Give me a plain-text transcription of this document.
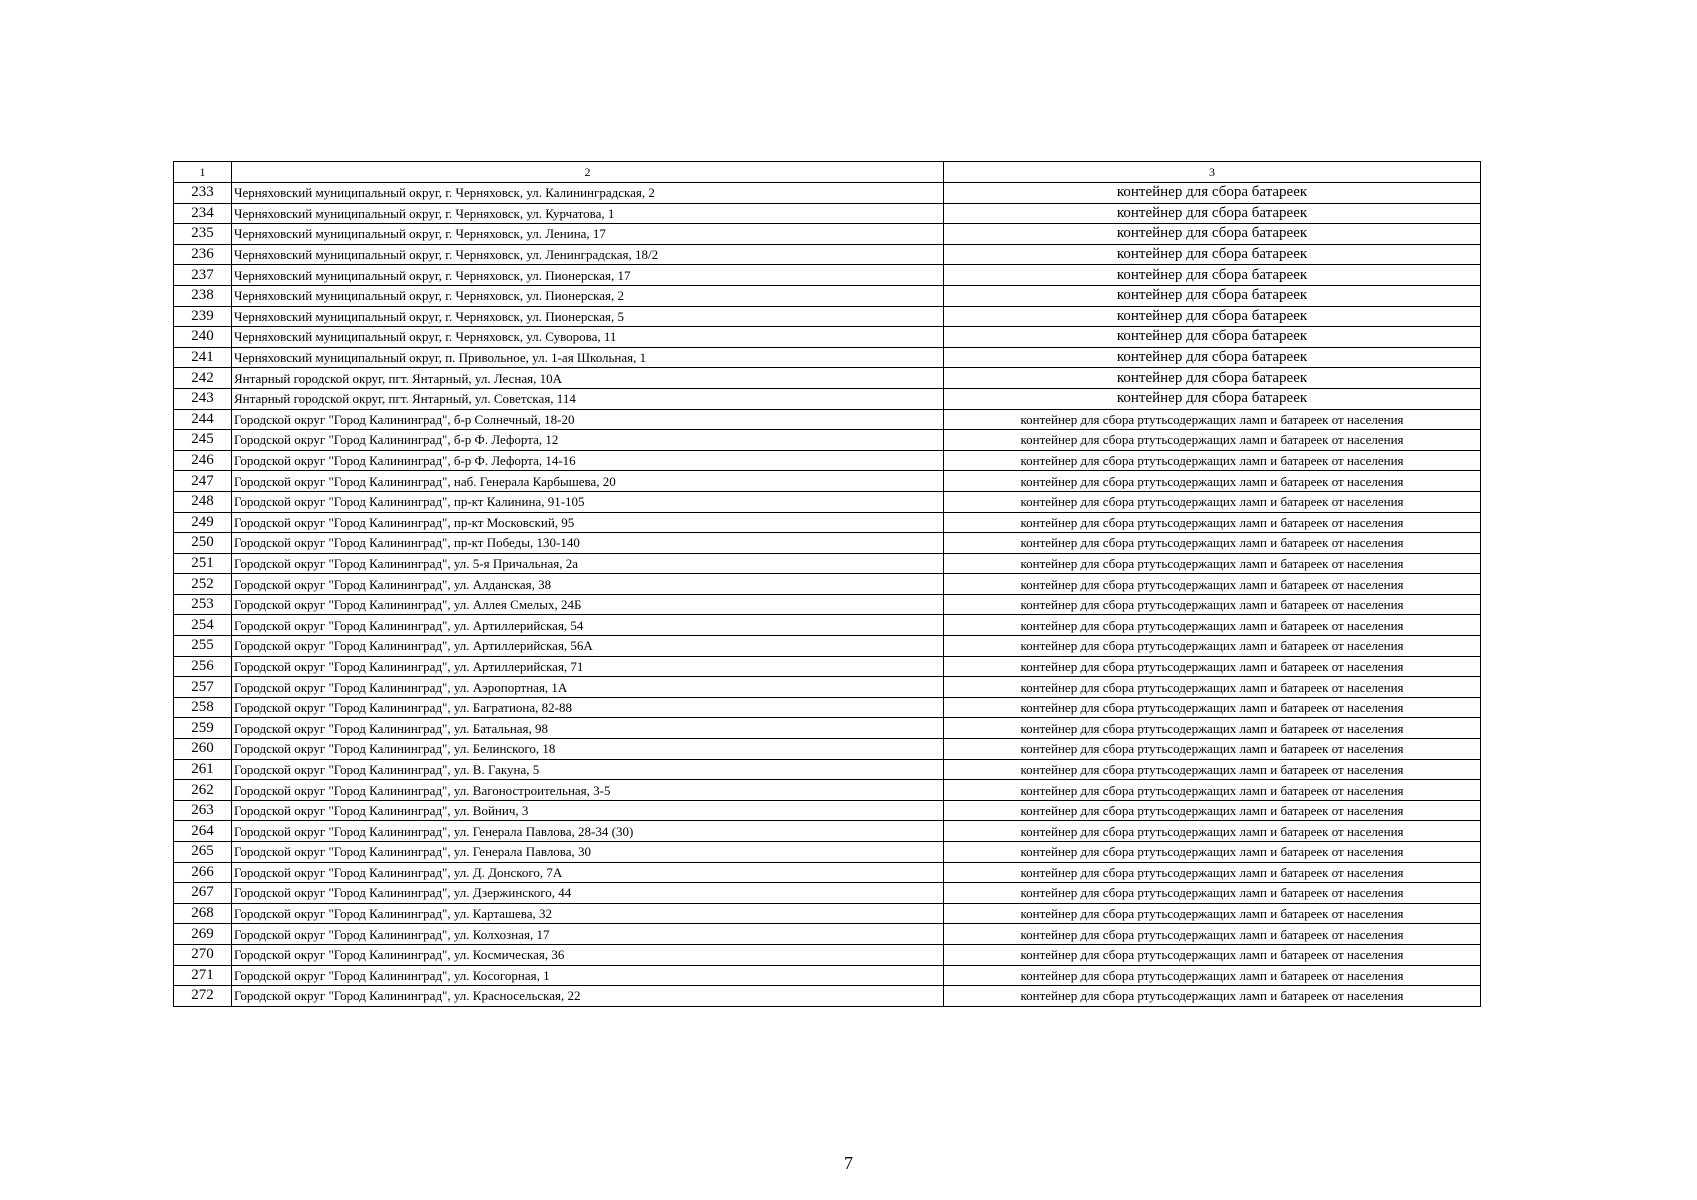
1	2	3
233	Черняховский муниципальный округ, г. Черняховск, ул. Калининградская, 2	контейнер для сбора батареек
234	Черняховский муниципальный округ, г. Черняховск, ул. Курчатова, 1	контейнер для сбора батареек
235	Черняховский муниципальный округ, г. Черняховск, ул. Ленина, 17	контейнер для сбора батареек
236	Черняховский муниципальный округ, г. Черняховск, ул. Ленинградская, 18/2	контейнер для сбора батареек
237	Черняховский муниципальный округ, г. Черняховск, ул. Пионерская, 17	контейнер для сбора батареек
238	Черняховский муниципальный округ, г. Черняховск, ул. Пионерская, 2	контейнер для сбора батареек
239	Черняховский муниципальный округ, г. Черняховск, ул. Пионерская, 5	контейнер для сбора батареек
240	Черняховский муниципальный округ, г. Черняховск, ул. Суворова, 11	контейнер для сбора батареек
241	Черняховский муниципальный округ, п. Привольное, ул. 1-ая Школьная, 1	контейнер для сбора батареек
242	Янтарный городской округ, пгт. Янтарный, ул. Лесная, 10А	контейнер для сбора батареек
243	Янтарный городской округ, пгт. Янтарный, ул. Советская, 114	контейнер для сбора батареек
244	Городской округ "Город Калининград", б-р Солнечный, 18-20	контейнер для сбора ртутьсодержащих ламп и батареек от населения
245	Городской округ "Город Калининград", б-р Ф. Лефорта, 12	контейнер для сбора ртутьсодержащих ламп и батареек от населения
246	Городской округ "Город Калининград", б-р Ф. Лефорта, 14-16	контейнер для сбора ртутьсодержащих ламп и батареек от населения
247	Городской округ "Город Калининград", наб. Генерала Карбышева, 20	контейнер для сбора ртутьсодержащих ламп и батареек от населения
248	Городской округ "Город Калининград", пр-кт Калинина, 91-105	контейнер для сбора ртутьсодержащих ламп и батареек от населения
249	Городской округ "Город Калининград", пр-кт Московский, 95	контейнер для сбора ртутьсодержащих ламп и батареек от населения
250	Городской округ "Город Калининград", пр-кт Победы, 130-140	контейнер для сбора ртутьсодержащих ламп и батареек от населения
251	Городской округ "Город Калининград", ул. 5-я Причальная, 2а	контейнер для сбора ртутьсодержащих ламп и батареек от населения
252	Городской округ "Город Калининград", ул. Алданская, 38	контейнер для сбора ртутьсодержащих ламп и батареек от населения
253	Городской округ "Город Калининград", ул. Аллея Смелых, 24Б	контейнер для сбора ртутьсодержащих ламп и батареек от населения
254	Городской округ "Город Калининград", ул. Артиллерийская, 54	контейнер для сбора ртутьсодержащих ламп и батареек от населения
255	Городской округ "Город Калининград", ул. Артиллерийская, 56А	контейнер для сбора ртутьсодержащих ламп и батареек от населения
256	Городской округ "Город Калининград", ул. Артиллерийская, 71	контейнер для сбора ртутьсодержащих ламп и батареек от населения
257	Городской округ "Город Калининград", ул. Аэропортная, 1А	контейнер для сбора ртутьсодержащих ламп и батареек от населения
258	Городской округ "Город Калининград", ул. Багратиона, 82-88	контейнер для сбора ртутьсодержащих ламп и батареек от населения
259	Городской округ "Город Калининград", ул. Батальная, 98	контейнер для сбора ртутьсодержащих ламп и батареек от населения
260	Городской округ "Город Калининград", ул. Белинского, 18	контейнер для сбора ртутьсодержащих ламп и батареек от населения
261	Городской округ "Город Калининград", ул. В. Гакуна, 5	контейнер для сбора ртутьсодержащих ламп и батареек от населения
262	Городской округ "Город Калининград", ул. Вагоностроительная, 3-5	контейнер для сбора ртутьсодержащих ламп и батареек от населения
263	Городской округ "Город Калининград", ул. Войнич, 3	контейнер для сбора ртутьсодержащих ламп и батареек от населения
264	Городской округ "Город Калининград", ул. Генерала Павлова, 28-34 (30)	контейнер для сбора ртутьсодержащих ламп и батареек от населения
265	Городской округ "Город Калининград", ул. Генерала Павлова, 30	контейнер для сбора ртутьсодержащих ламп и батареек от населения
266	Городской округ "Город Калининград", ул. Д. Донского, 7А	контейнер для сбора ртутьсодержащих ламп и батареек от населения
267	Городской округ "Город Калининград", ул. Дзержинского, 44	контейнер для сбора ртутьсодержащих ламп и батареек от населения
268	Городской округ "Город Калининград", ул. Карташева, 32	контейнер для сбора ртутьсодержащих ламп и батареек от населения
269	Городской округ "Город Калининград", ул. Колхозная, 17	контейнер для сбора ртутьсодержащих ламп и батареек от населения
270	Городской округ "Город Калининград", ул. Космическая, 36	контейнер для сбора ртутьсодержащих ламп и батареек от населения
271	Городской округ "Город Калининград", ул. Косогорная, 1	контейнер для сбора ртутьсодержащих ламп и батареек от населения
272	Городской округ "Город Калининград", ул. Красносельская, 22	контейнер для сбора ртутьсодержащих ламп и батареек от населения
7
